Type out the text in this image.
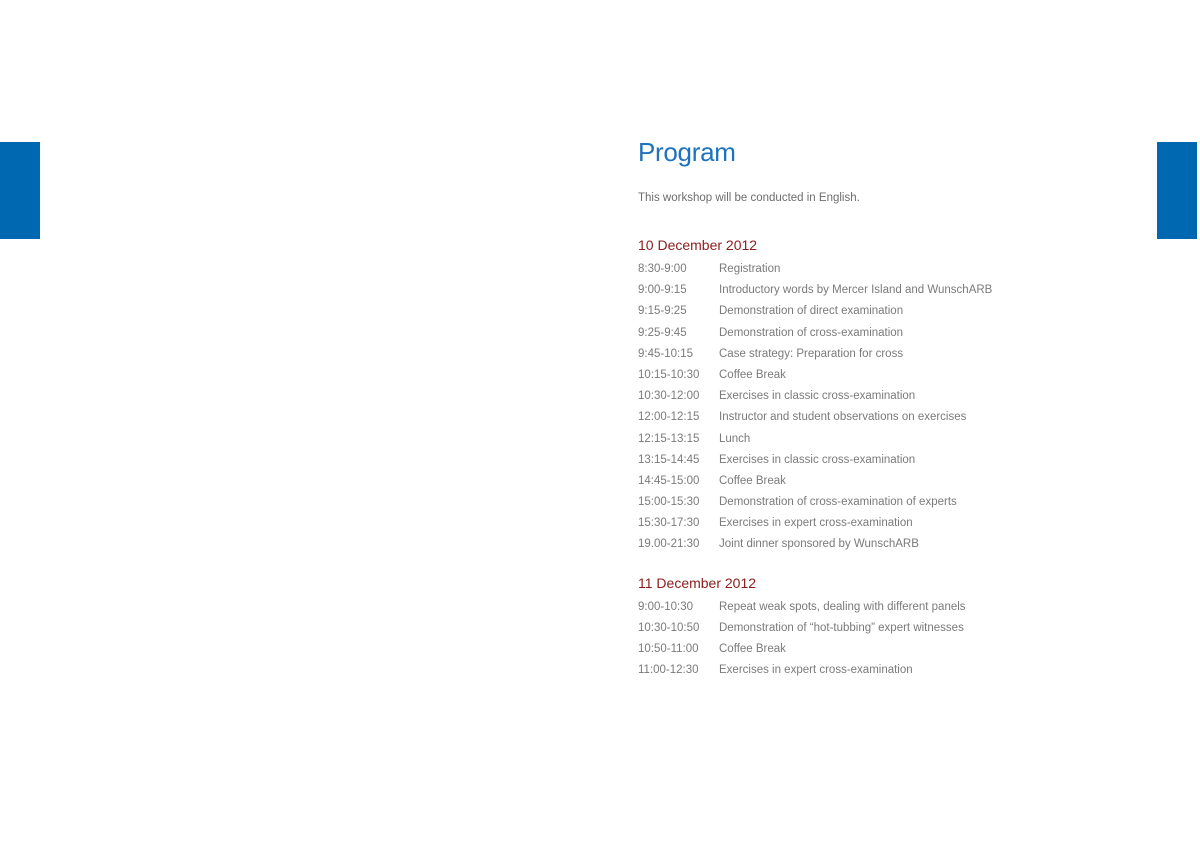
Program
This workshop will be conducted in English.
10 December 2012
8:30-9:00	Registration
9:00-9:15	Introductory words by Mercer Island and WunschARB
9:15-9:25	Demonstration of direct examination
9:25-9:45	Demonstration of cross-examination
9:45-10:15	Case strategy: Preparation for cross
10:15-10:30	Coffee Break
10:30-12:00	Exercises in classic cross-examination
12:00-12:15	Instructor and student observations on exercises
12:15-13:15	Lunch
13:15-14:45	Exercises in classic cross-examination
14:45-15:00	Coffee Break
15:00-15:30	Demonstration of cross-examination of experts
15:30-17:30	Exercises in expert cross-examination
19.00-21:30	Joint dinner sponsored by WunschARB
11 December 2012
9:00-10:30	Repeat weak spots, dealing with different panels
10:30-10:50	Demonstration of “hot-tubbing” expert witnesses
10:50-11:00	Coffee Break
11:00-12:30	Exercises in expert cross-examination
